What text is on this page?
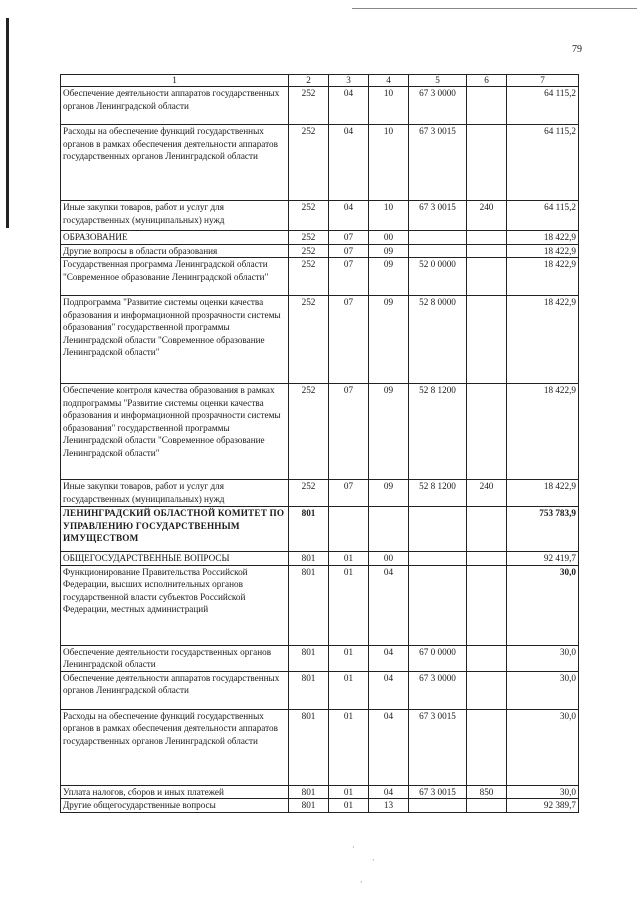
79
1	2	3	4	5	6	7
Обеспечение деятельности аппаратов государственных органов Ленинградской области	252	04	10	67 3 0000		64 115,2
Расходы на обеспечение функций государственных органов в рамках обеспечения деятельности аппаратов государственных органов Ленинградской области	252	04	10	67 3 0015		64 115,2
Иные закупки товаров, работ и услуг для государственных (муниципальных) нужд	252	04	10	67 3 0015	240	64 115,2
ОБРАЗОВАНИЕ	252	07	00			18 422,9
Другие вопросы в области образования	252	07	09			18 422,9
Государственная программа Ленинградской области "Современное образование Ленинградской области"	252	07	09	52 0 0000		18 422,9
Подпрограмма "Развитие системы оценки качества образования и информационной прозрачности системы образования" государственной программы Ленинградской области "Современное образование Ленинградской области"	252	07	09	52 8 0000		18 422,9
Обеспечение контроля качества образования в рамках подпрограммы "Развитие системы оценки качества образования и информационной прозрачности системы образования" государственной программы Ленинградской области "Современное образование Ленинградской области"	252	07	09	52 8 1200		18 422,9
Иные закупки товаров, работ и услуг для государственных (муниципальных) нужд	252	07	09	52 8 1200	240	18 422,9
ЛЕНИНГРАДСКИЙ ОБЛАСТНОЙ КОМИТЕТ ПО УПРАВЛЕНИЮ ГОСУДАРСТВЕННЫМ ИМУЩЕСТВОМ	801					753 783,9
ОБЩЕГОСУДАРСТВЕННЫЕ ВОПРОСЫ	801	01	00			92 419,7
Функционирование Правительства Российской Федерации, высших исполнительных органов государственной власти субъектов Российской Федерации, местных администраций	801	01	04			30,0
Обеспечение деятельности государственных органов Ленинградской области	801	01	04	67 0 0000		30,0
Обеспечение деятельности аппаратов государственных органов Ленинградской области	801	01	04	67 3 0000		30,0
Расходы на обеспечение функций государственных органов в рамках обеспечения деятельности аппаратов государственных органов Ленинградской области	801	01	04	67 3 0015		30,0
Уплата налогов, сборов и иных платежей	801	01	04	67 3 0015	850	30,0
Другие общегосударственные вопросы	801	01	13			92 389,7
·
`
·
